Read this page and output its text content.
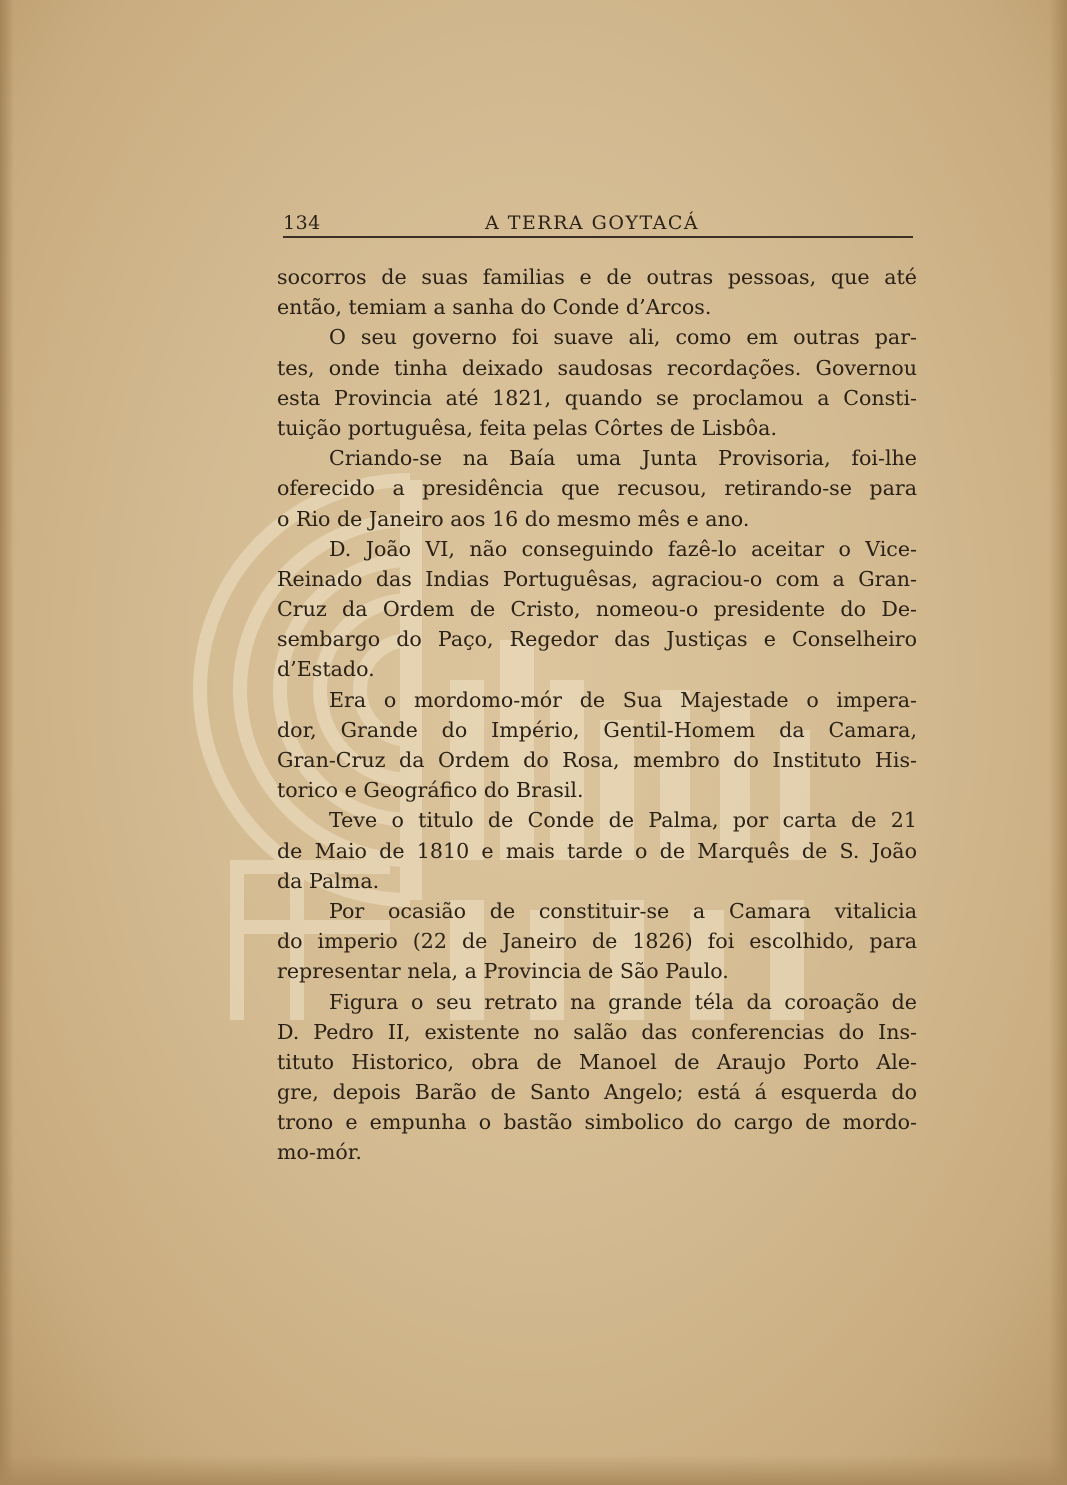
134	A TERRA GOYTACÁ
socorros de suas familias e de outras pessoas, que até
então, temiam a sanha do Conde d’Arcos.
O seu governo foi suave ali, como em outras par-
tes, onde tinha deixado saudosas recordações. Governou
esta Provincia até 1821, quando se proclamou a Consti-
tuição portuguêsa, feita pelas Côrtes de Lisbôa.
Criando-se na Baía uma Junta Provisoria, foi-lhe
oferecido a presidência que recusou, retirando-se para
o Rio de Janeiro aos 16 do mesmo mês e ano.
D. João VI, não conseguindo fazê-lo aceitar o Vice-
Reinado das Indias Portuguêsas, agraciou-o com a Gran-
Cruz da Ordem de Cristo, nomeou-o presidente do De-
sembargo do Paço, Regedor das Justiças e Conselheiro
d’Estado.
Era o mordomo-mór de Sua Majestade o impera-
dor, Grande do Império, Gentil-Homem da Camara,
Gran-Cruz da Ordem do Rosa, membro do Instituto His-
torico e Geográfico do Brasil.
Teve o titulo de Conde de Palma, por carta de 21
de Maio de 1810 e mais tarde o de Marquês de S. João
da Palma.
Por ocasião de constituir-se a Camara vitalicia
do imperio (22 de Janeiro de 1826) foi escolhido, para
representar nela, a Provincia de São Paulo.
Figura o seu retrato na grande téla da coroação de
D. Pedro II, existente no salão das conferencias do Ins-
tituto Historico, obra de Manoel de Araujo Porto Ale-
gre, depois Barão de Santo Angelo; está á esquerda do
trono e empunha o bastão simbolico do cargo de mordo-
mo-mór.
